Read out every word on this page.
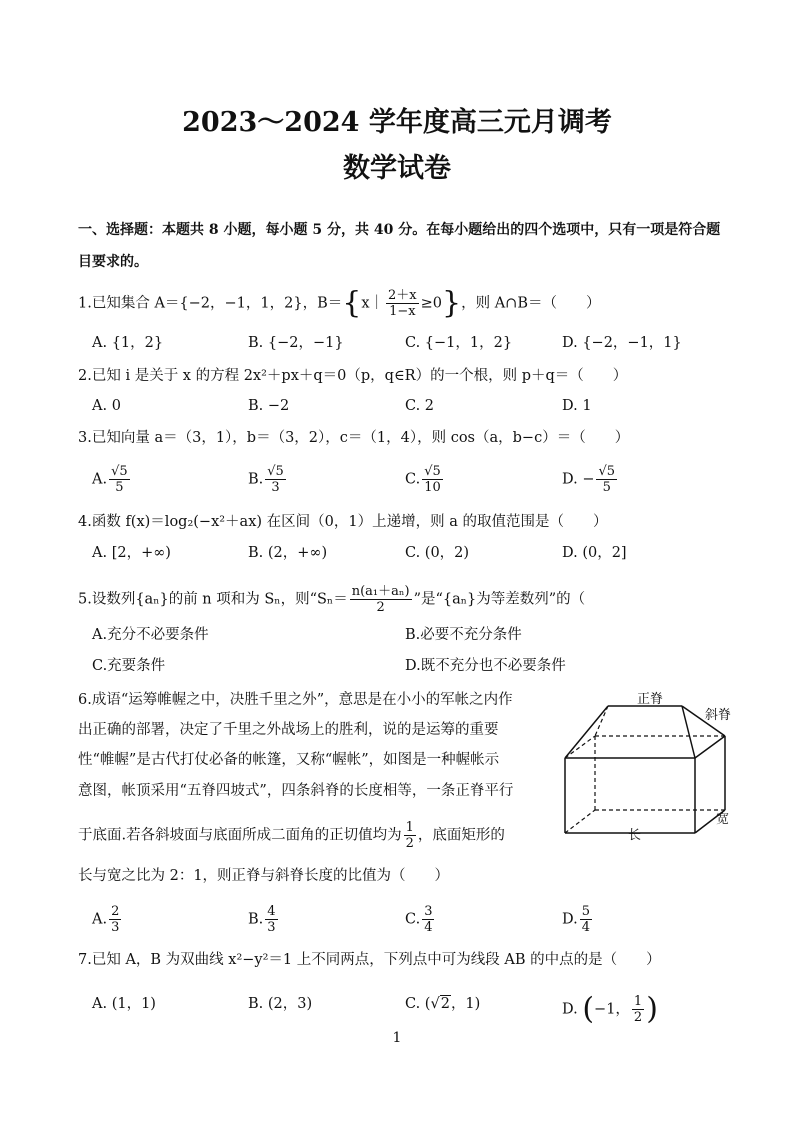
2023～2024 学年度高三元月调考
数学试卷
一、选择题：本题共 8 小题，每小题 5 分，共 40 分。在每小题给出的四个选项中，只有一项是符合题目要求的。
1.已知集合 A＝{−2，−1，1，2}，B＝{x｜ $\frac{2+x}{1-x} \ge 0$}，则 A∩B＝（　　）
A. {1，2}	B. {−2，−1}	C. {−1，1，2}	D. {−2，−1，1}
2.已知 i 是关于 x 的方程 2x²＋px＋q＝0（p，q∈R）的一个根，则 p＋q＝（　　）
A. 0	B. −2	C. 2	D. 1
3.已知向量 a＝（3，1），b＝（3，2），c＝（1，4），则 cos（a，b−c）＝（　　）
A. $\frac{√5}{5}$	B. $\frac{√5}{3}$	C. $\frac{√5}{10}$	D. − $\frac{√5}{5}$
4.函数 f(x)＝log₂(−x²＋ax) 在区间（0，1）上递增，则 a 的取值范围是（　　）
A. [2，+∞)	B. (2，+∞)	C. (0，2)	D. (0，2]
5.设数列{aₙ}的前 n 项和为 Sₙ，则“$S_n= \frac{\text{n(a₁＋aₙ)}}{2}$ ”是“{aₙ}为等差数列”的（
A.充分不必要条件	B.必要不充分条件
C.充要条件	D.既不充分也不必要条件
6.成语“运筹帷幄之中，决胜千里之外”，意思是在小小的军帐之内作
出正确的部署，决定了千里之外战场上的胜利，说的是运筹的重要
性“帷幄”是古代打仗必备的帐篷，又称“幄帐”，如图是一种幄帐示
意图，帐顶采用“五脊四坡式”，四条斜脊的长度相等，一条正脊平行
于底面.若各斜坡面与底面所成二面角的正切值均为 $\frac{1}{2}$ ，底面矩形的
长与宽之比为 2：1，则正脊与斜脊长度的比值为（　　）
正脊
斜脊
长
宽
A. $\frac{2}{3}$	B. $\frac{4}{3}$	C. $\frac{3}{4}$	D. $\frac{5}{4}$
7.已知 A，B 为双曲线 x²−y²＝1 上不同两点，下列点中可为线段 AB 的中点的是（　　）
A. (1，1)	B. (2，3)	C. (√2，1)	D. (−1， $\frac{1}{2}$ )
1
